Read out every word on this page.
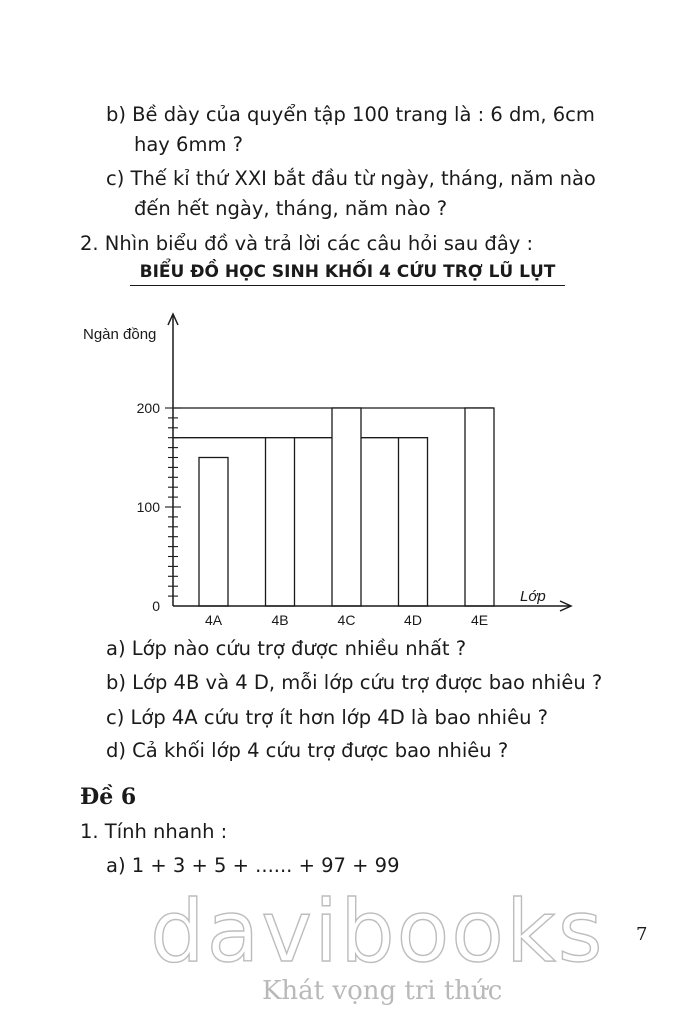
b) Bề dày của quyển tập 100 trang là : 6 dm, 6cm
hay 6mm ?
c) Thế kỉ thứ XXI bắt đầu từ ngày, tháng, năm nào
đến hết ngày, tháng, năm nào ?
2. Nhìn biểu đồ và trả lời các câu hỏi sau đây :
BIỂU ĐỒ HỌC SINH KHỐI 4 CỨU TRỢ LŨ LỤT
4A	4B	4C	4D	4E
0
100
200
Ngàn đồng
Lớp
a) Lớp nào cứu trợ được nhiều nhất ?
b) Lớp 4B và 4 D, mỗi lớp cứu trợ được bao nhiêu ?
c) Lớp 4A cứu trợ ít hơn lớp 4D là bao nhiêu ?
d) Cả khối lớp 4 cứu trợ được bao nhiêu ?
Đề 6
1. Tính nhanh :
a) 1 + 3 + 5 + ...... + 97 + 99
davibooks
Khát vọng tri thức
7
